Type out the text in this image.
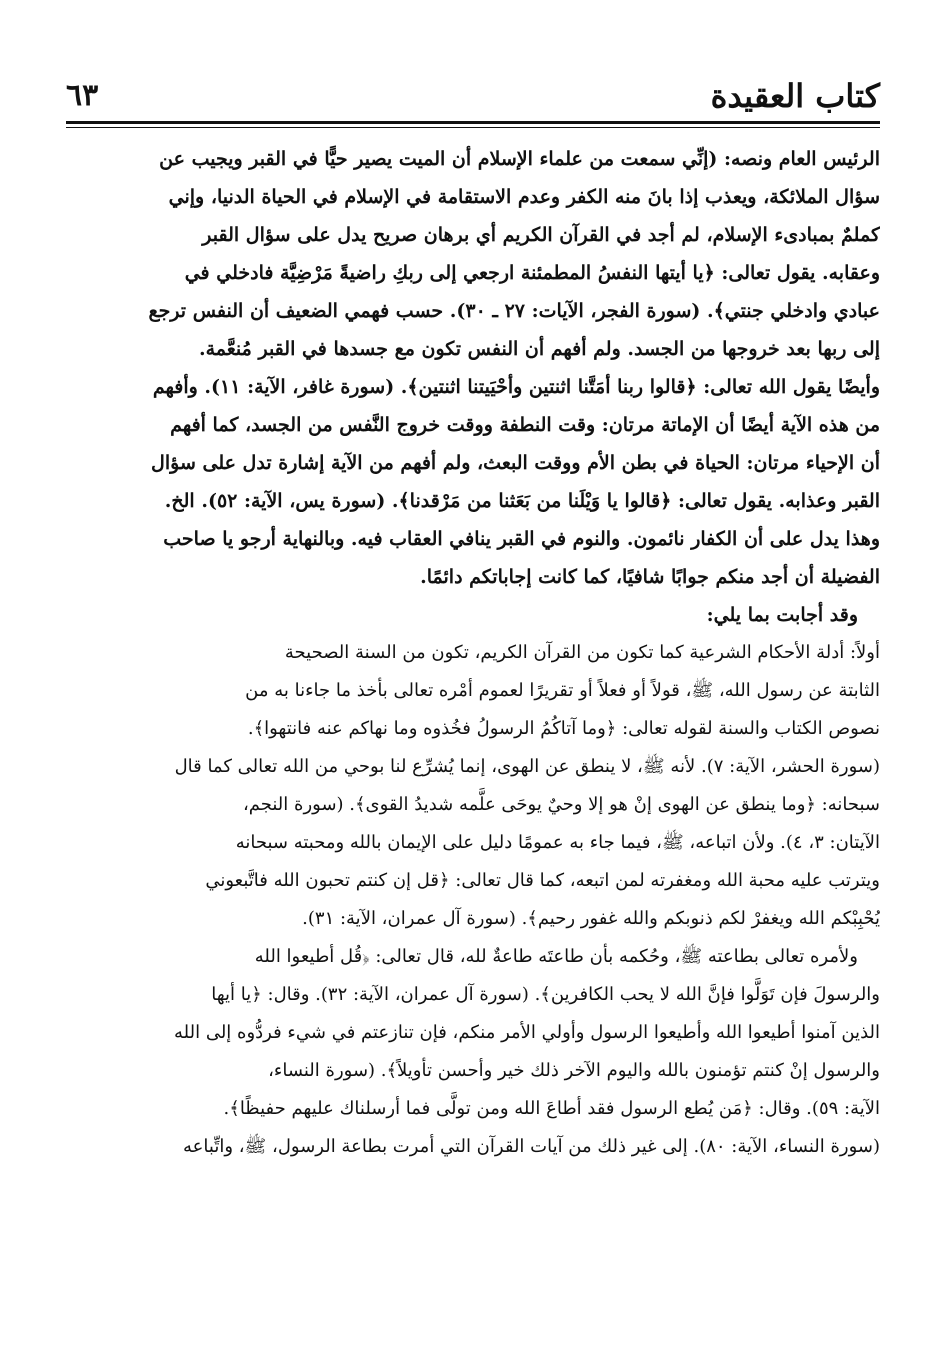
٦٣	كتاب العقيدة
الرئيس العام ونصه: (إنِّي سمعت من علماء الإسلام أن الميت يصير حيًّا في القبر ويجيب عن
سؤال الملائكة، ويعذب إذا بانَ منه الكفر وعدم الاستقامة في الإسلام في الحياة الدنيا، وإني
كملمٌ بمبادىء الإسلام، لم أجد في القرآن الكريم أي برهان صريح يدل على سؤال القبر
وعقابه. يقول تعالى: ﴿يا أيتها النفسُ المطمئنة ارجعي إلى ربكِ راضيةً مَرْضِيَّة فادخلي في
عبادي وادخلي جنتي﴾. (سورة الفجر، الآيات: ٢٧ ـ ٣٠). حسب فهمي الضعيف أن النفس ترجع
إلى ربها بعد خروجها من الجسد. ولم أفهم أن النفس تكون مع جسدها في القبر مُنعَّمة.
وأيضًا يقول الله تعالى: ﴿قالوا ربنا أمَتَّنا اثنتين وأحْيَيتنا اثنتين﴾. (سورة غافر، الآية: ١١). وأفهم
من هذه الآية أيضًا أن الإماتة مرتان: وقت النطفة ووقت خروج النَّفس من الجسد، كما أفهم
أن الإحياء مرتان: الحياة في بطن الأم ووقت البعث، ولم أفهم من الآية إشارة تدل على سؤال
القبر وعذابه. يقول تعالى: ﴿قالوا يا وَيْلَنا من بَعَثنا من مَرْقدنا﴾. (سورة يس، الآية: ٥٢). الخ.
وهذا يدل على أن الكفار نائمون. والنوم في القبر ينافي العقاب فيه. وبالنهاية أرجو يا صاحب
الفضيلة أن أجد منكم جوابًا شافيًا، كما كانت إجاباتكم دائمًا.
وقد أجابت بما يلي:
أولاً: أدلة الأحكام الشرعية كما تكون من القرآن الكريم، تكون من السنة الصحيحة
الثابتة عن رسول الله، ﷺ، قولاً أو فعلاً أو تقريرًا لعموم أمْره تعالى بأخذ ما جاءنا به من
نصوص الكتاب والسنة لقوله تعالى: ﴿وما آتاكُمُ الرسولُ فخُذوه وما نهاكم عنه فانتهوا﴾.
(سورة الحشر، الآية: ٧). لأنه ﷺ، لا ينطق عن الهوى، إنما يُشرِّع لنا بوحي من الله تعالى كما قال
سبحانه: ﴿وما ينطق عن الهوى إنْ هو إلا وحيٌ يوحَى علَّمه شديدُ القوى﴾. (سورة النجم،
الآيتان: ٣، ٤). ولأن اتباعه، ﷺ، فيما جاء به عمومًا دليل على الإيمان بالله ومحبته سبحانه
ويترتب عليه محبة الله ومغفرته لمن اتبعه، كما قال تعالى: ﴿قل إن كنتم تحبون الله فاتَّبعوني
يُحْبِبْكم الله ويغفرْ لكم ذنوبكم والله غفور رحيم﴾. (سورة آل عمران، الآية: ٣١).
ولأمره تعالى بطاعته ﷺ، وحُكمه بأن طاعتَه طاعةٌ لله، قال تعالى: ﴿قُل أطيعوا الله
والرسولَ فإن تَوَلَّوا فإنَّ الله لا يحب الكافرين﴾. (سورة آل عمران، الآية: ٣٢). وقال: ﴿يا أيها
الذين آمنوا أطيعوا الله وأطيعوا الرسول وأولي الأمر منكم، فإن تنازعتم في شيء فردُّوه إلى الله
والرسول إنْ كنتم تؤمنون بالله واليوم الآخر ذلك خير وأحسن تأويلاً﴾. (سورة النساء،
الآية: ٥٩). وقال: ﴿مَن يُطع الرسول فقد أطاعَ الله ومن تولَّى فما أرسلناك عليهم حفيظًا﴾.
(سورة النساء، الآية: ٨٠). إلى غير ذلك من آيات القرآن التي أمرت بطاعة الرسول، ﷺ، واتِّباعه
